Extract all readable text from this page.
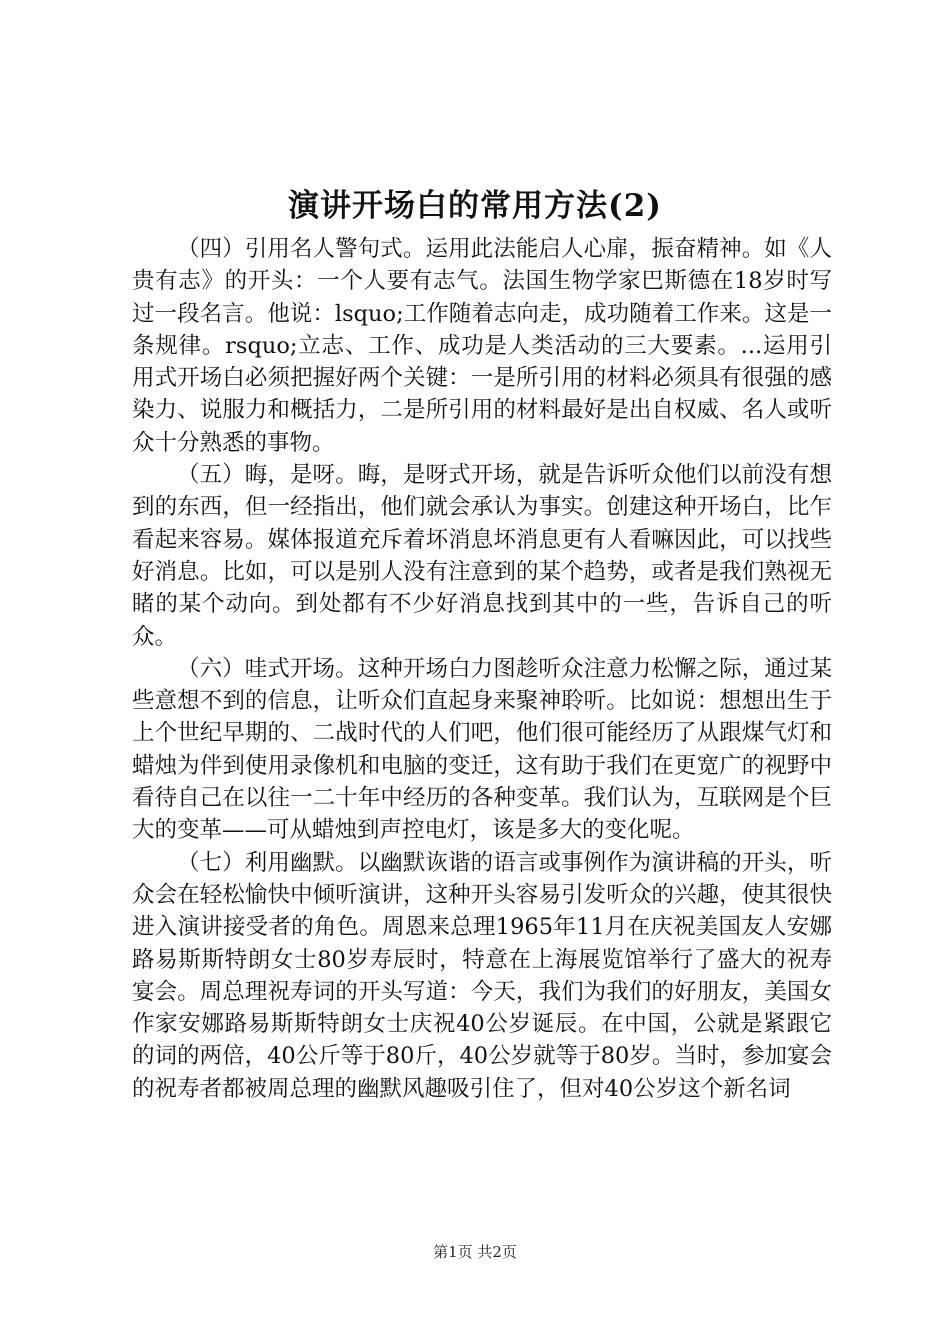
演讲开场白的常用方法(2)

（四）引用名人警句式。运用此法能启人心扉，振奋精神。如《人贵有志》的开头：一个人要有志气。法国生物学家巴斯德在18岁时写过一段名言。他说：lsquo;工作随着志向走，成功随着工作来。这是一条规律。rsquo;立志、工作、成功是人类活动的三大要素。...运用引用式开场白必须把握好两个关键：一是所引用的材料必须具有很强的感染力、说服力和概括力，二是所引用的材料最好是出自权威、名人或听众十分熟悉的事物。

（五）晦，是呀。晦，是呀式开场，就是告诉听众他们以前没有想到的东西，但一经指出，他们就会承认为事实。创建这种开场白，比乍看起来容易。媒体报道充斥着坏消息坏消息更有人看嘛因此，可以找些好消息。比如，可以是别人没有注意到的某个趋势，或者是我们熟视无睹的某个动向。到处都有不少好消息找到其中的一些，告诉自己的听众。

（六）哇式开场。这种开场白力图趁听众注意力松懈之际，通过某些意想不到的信息，让听众们直起身来聚神聆听。比如说：想想出生于上个世纪早期的、二战时代的人们吧，他们很可能经历了从跟煤气灯和蜡烛为伴到使用录像机和电脑的变迁，这有助于我们在更宽广的视野中看待自己在以往一二十年中经历的各种变革。我们认为，互联网是个巨大的变革——可从蜡烛到声控电灯，该是多大的变化呢。

（七）利用幽默。以幽默诙谐的语言或事例作为演讲稿的开头，听众会在轻松愉快中倾听演讲，这种开头容易引发听众的兴趣，使其很快进入演讲接受者的角色。周恩来总理1965年11月在庆祝美国友人安娜路易斯斯特朗女士80岁寿辰时，特意在上海展览馆举行了盛大的祝寿宴会。周总理祝寿词的开头写道：今天，我们为我们的好朋友，美国女作家安娜路易斯斯特朗女士庆祝40公岁诞辰。在中国，公就是紧跟它的词的两倍，40公斤等于80斤，40公岁就等于80岁。当时，参加宴会的祝寿者都被周总理的幽默风趣吸引住了，但对40公岁这个新名词

第1页 共2页
